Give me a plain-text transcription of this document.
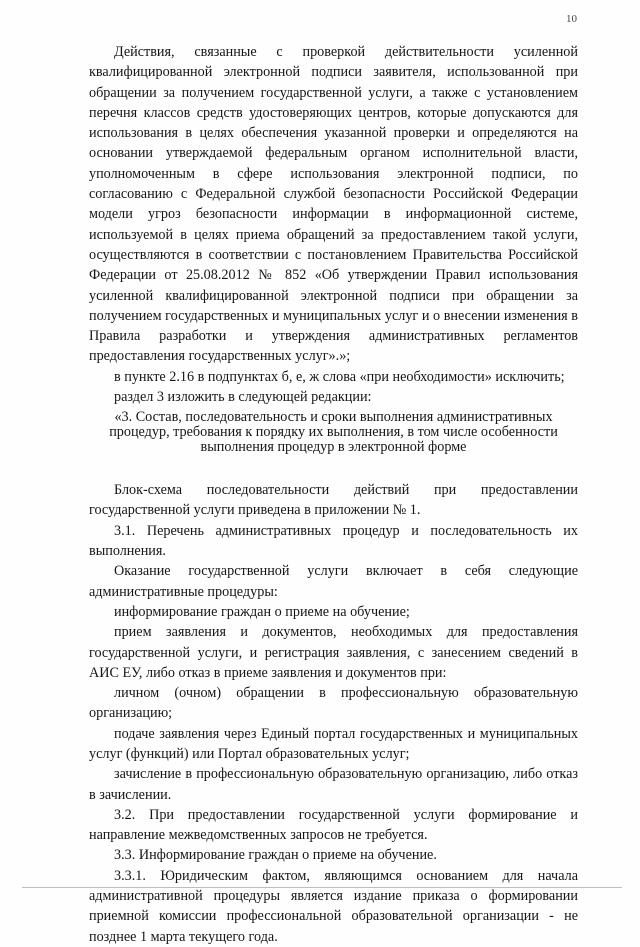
10

Действия, связанные с проверкой действительности усиленной квалифицированной электронной подписи заявителя, использованной при обращении за получением государственной услуги, а также с установлением перечня классов средств удостоверяющих центров, которые допускаются для использования в целях обеспечения указанной проверки и определяются на основании утверждаемой федеральным органом исполнительной власти, уполномоченным в сфере использования электронной подписи, по согласованию с Федеральной службой безопасности Российской Федерации модели угроз безопасности информации в информационной системе, используемой в целях приема обращений за предоставлением такой услуги, осуществляются в соответствии с постановлением Правительства Российской Федерации от 25.08.2012 № 852 «Об утверждении Правил использования усиленной квалифицированной электронной подписи при обращении за получением государственных и муниципальных услуг и о внесении изменения в Правила разработки и утверждения административных регламентов предоставления государственных услуг».»;

в пункте 2.16 в подпунктах б, е, ж слова «при необходимости» исключить;

раздел 3 изложить в следующей редакции:

«3. Состав, последовательность и сроки выполнения административных процедур, требования к порядку их выполнения, в том числе особенности выполнения процедур в электронной форме

Блок-схема последовательности действий при предоставлении государственной услуги приведена в приложении № 1.

3.1. Перечень административных процедур и последовательность их выполнения.

Оказание государственной услуги включает в себя следующие административные процедуры:

информирование граждан о приеме на обучение;

прием заявления и документов, необходимых для предоставления государственной услуги, и регистрация заявления, с занесением сведений в АИС ЕУ, либо отказ в приеме заявления и документов при:

личном (очном) обращении в профессиональную образовательную организацию;

подаче заявления через Единый портал государственных и муниципальных услуг (функций) или Портал образовательных услуг;

зачисление в профессиональную образовательную организацию, либо отказ в зачислении.

3.2. При предоставлении государственной услуги формирование и направление межведомственных запросов не требуется.

3.3. Информирование граждан о приеме на обучение.

3.3.1. Юридическим фактом, являющимся основанием для начала административной процедуры является издание приказа о формировании приемной комиссии профессиональной образовательной организации - не позднее 1 марта текущего года.
